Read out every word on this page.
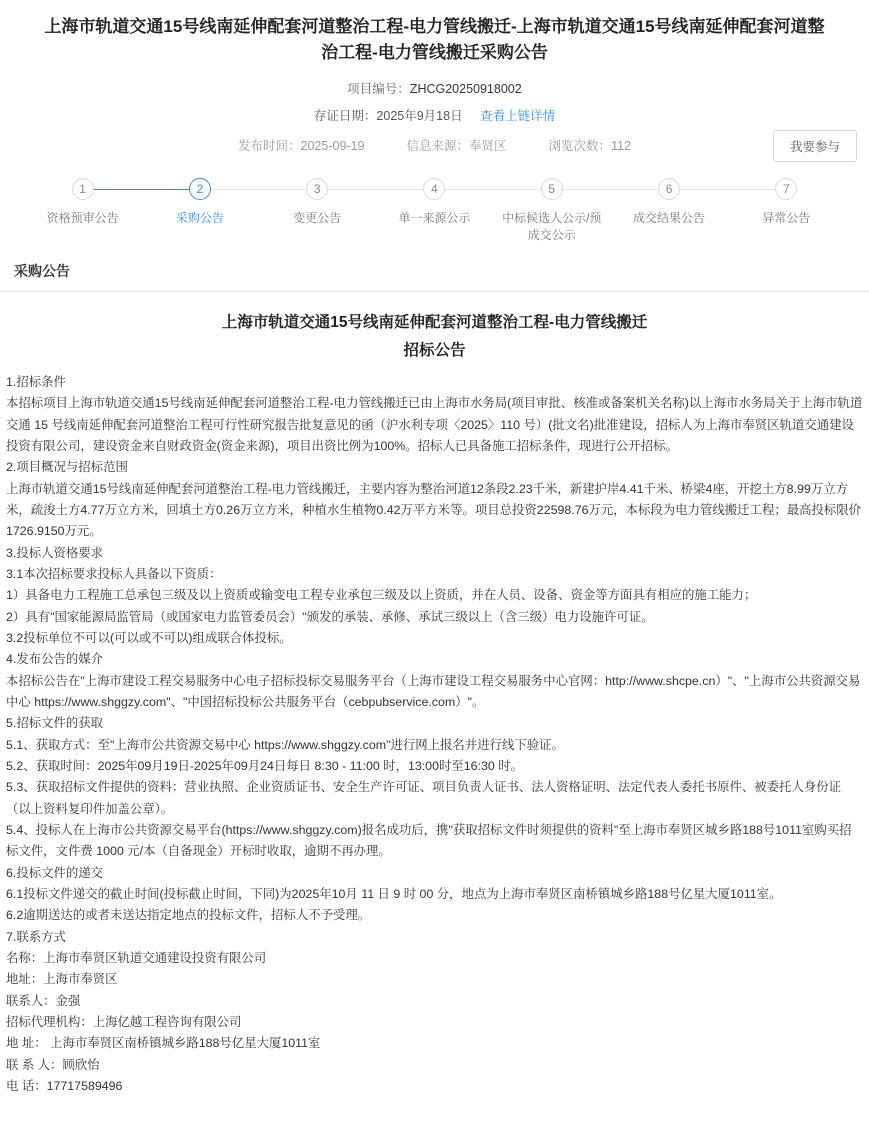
上海市轨道交通15号线南延伸配套河道整治工程-电力管线搬迁-上海市轨道交通15号线南延伸配套河道整治工程-电力管线搬迁采购公告
项目编号：ZHCG20250918002
存证日期：2025年9月18日 查看上链详情
发布时间：2025-09-19	信息来源：奉贤区	浏览次数：112	我要参与
1
资格预审公告
2
采购公告
3
变更公告
4
单一来源公示
5
中标候选人公示/预成交公示
6
成交结果公告
7
异常公告
采购公告
上海市轨道交通15号线南延伸配套河道整治工程-电力管线搬迁
招标公告

1.招标条件

本招标项目上海市轨道交通15号线南延伸配套河道整治工程-电力管线搬迁已由上海市水务局(项目审批、核准或备案机关名称)以上海市水务局关于上海市轨道交通 15 号线南延伸配套河道整治工程可行性研究报告批复意见的函（沪水利专项〈2025〉110 号）(批文名)批准建设，招标人为上海市奉贤区轨道交通建设投资有限公司，建设资金来自财政资金(资金来源)，项目出资比例为100%。招标人已具备施工招标条件，现进行公开招标。

2.项目概况与招标范围

上海市轨道交通15号线南延伸配套河道整治工程-电力管线搬迁，主要内容为整治河道12条段2.23千米，新建护岸4.41千米、桥梁4座，开挖土方8.99万立方米，疏浚土方4.77万立方米，回填土方0.26万立方米，种植水生植物0.42万平方米等。项目总投资22598.76万元，本标段为电力管线搬迁工程；最高投标限价1726.9150万元。

3.投标人资格要求

3.1本次招标要求投标人具备以下资质：

1）具备电力工程施工总承包三级及以上资质或输变电工程专业承包三级及以上资质，并在人员、设备、资金等方面具有相应的施工能力；

2）具有"国家能源局监管局（或国家电力监管委员会）"颁发的承装、承修、承试三级以上（含三级）电力设施许可证。

3.2投标单位不可以(可以或不可以)组成联合体投标。

4.发布公告的媒介

本招标公告在"上海市建设工程交易服务中心电子招标投标交易服务平台（上海市建设工程交易服务中心官网：http://www.shcpe.cn）"、"上海市公共资源交易中心 https://www.shggzy.com"、"中国招标投标公共服务平台（cebpubservice.com）"。

5.招标文件的获取

5.1、获取方式：至"上海市公共资源交易中心 https://www.shggzy.com"进行网上报名并进行线下验证。

5.2、获取时间：2025年09月19日-2025年09月24日每日 8:30 - 11:00 时，13:00时至16:30 时。

5.3、获取招标文件提供的资料：营业执照、企业资质证书、安全生产许可证、项目负责人证书、法人资格证明、法定代表人委托书原件、被委托人身份证（以上资料复印件加盖公章）。

5.4、投标人在上海市公共资源交易平台(https://www.shggzy.com)报名成功后，携"获取招标文件时须提供的资料"至上海市奉贤区城乡路188号1011室购买招标文件，文件费 1000 元/本（自备现金）开标时收取，逾期不再办理。

6.投标文件的递交

6.1投标文件递交的截止时间(投标截止时间，下同)为2025年10月 11 日 9 时 00 分，地点为上海市奉贤区南桥镇城乡路188号亿星大厦1011室。

6.2逾期送达的或者未送达指定地点的投标文件，招标人不予受理。

7.联系方式

名称：上海市奉贤区轨道交通建设投资有限公司

地址：上海市奉贤区

联系人：金强

招标代理机构：上海亿越工程咨询有限公司

地 址： 上海市奉贤区南桥镇城乡路188号亿星大厦1011室

联 系 人：顾欣怡

电 话：17717589496
